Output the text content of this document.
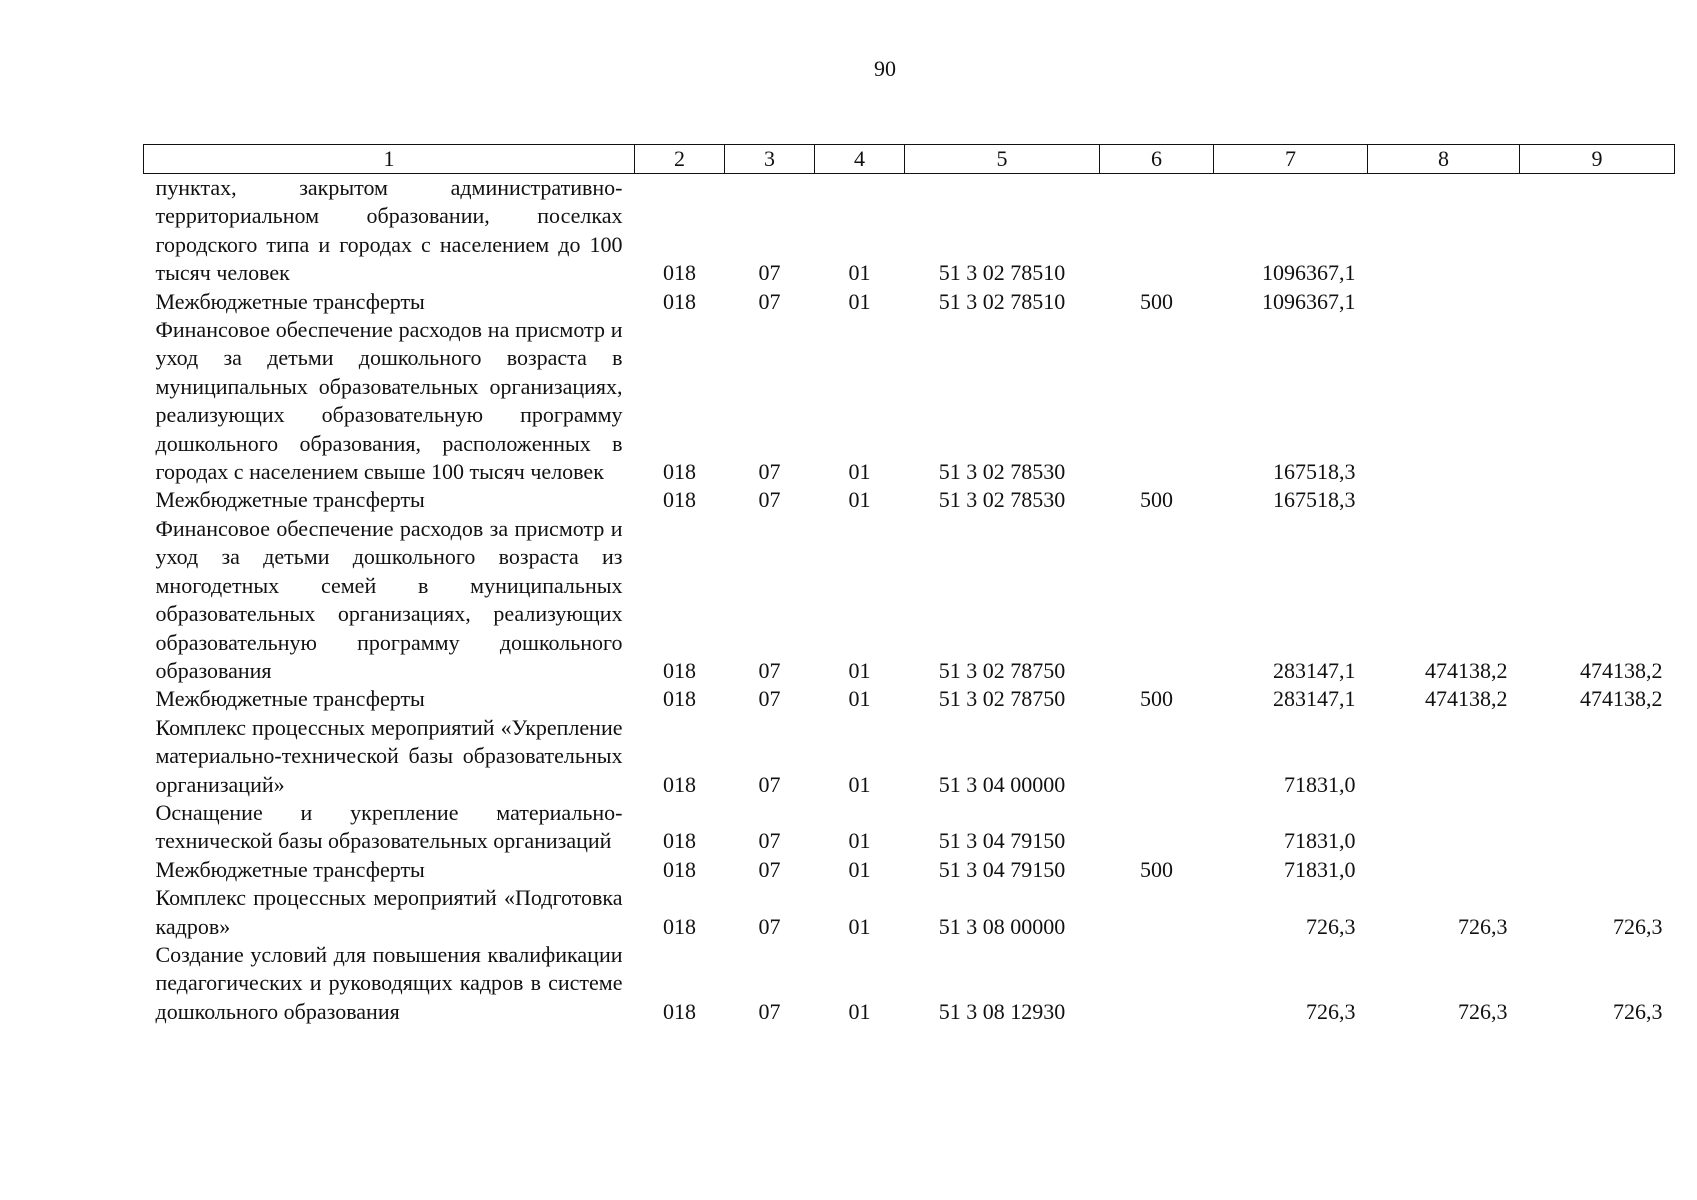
90
1	2	3	4	5	6	7	8	9
пунктах, закрытом административно-территориальном образовании, поселках городского типа и городах с населением до 100 тысяч человек	018	07	01	51 3 02 78510		1096367,1		
Межбюджетные трансферты	018	07	01	51 3 02 78510	500	1096367,1		
Финансовое обеспечение расходов на присмотр и уход за детьми дошкольного возраста в муниципальных образовательных организациях, реализующих образовательную программу дошкольного образования, расположенных в городах с населением свыше 100 тысяч человек	018	07	01	51 3 02 78530		167518,3		
Межбюджетные трансферты	018	07	01	51 3 02 78530	500	167518,3		
Финансовое обеспечение расходов за присмотр и уход за детьми дошкольного возраста из многодетных семей в муниципальных образовательных организациях, реализующих образовательную программу дошкольного образования	018	07	01	51 3 02 78750		283147,1	474138,2	474138,2
Межбюджетные трансферты	018	07	01	51 3 02 78750	500	283147,1	474138,2	474138,2
Комплекс процессных мероприятий «Укрепление материально-технической базы образовательных организаций»	018	07	01	51 3 04 00000		71831,0		
Оснащение и укрепление материально-технической базы образовательных организаций	018	07	01	51 3 04 79150		71831,0		
Межбюджетные трансферты	018	07	01	51 3 04 79150	500	71831,0		
Комплекс процессных мероприятий «Подготовка кадров»	018	07	01	51 3 08 00000		726,3	726,3	726,3
Создание условий для повышения квалификации педагогических и руководящих кадров в системе дошкольного образования	018	07	01	51 3 08 12930		726,3	726,3	726,3
